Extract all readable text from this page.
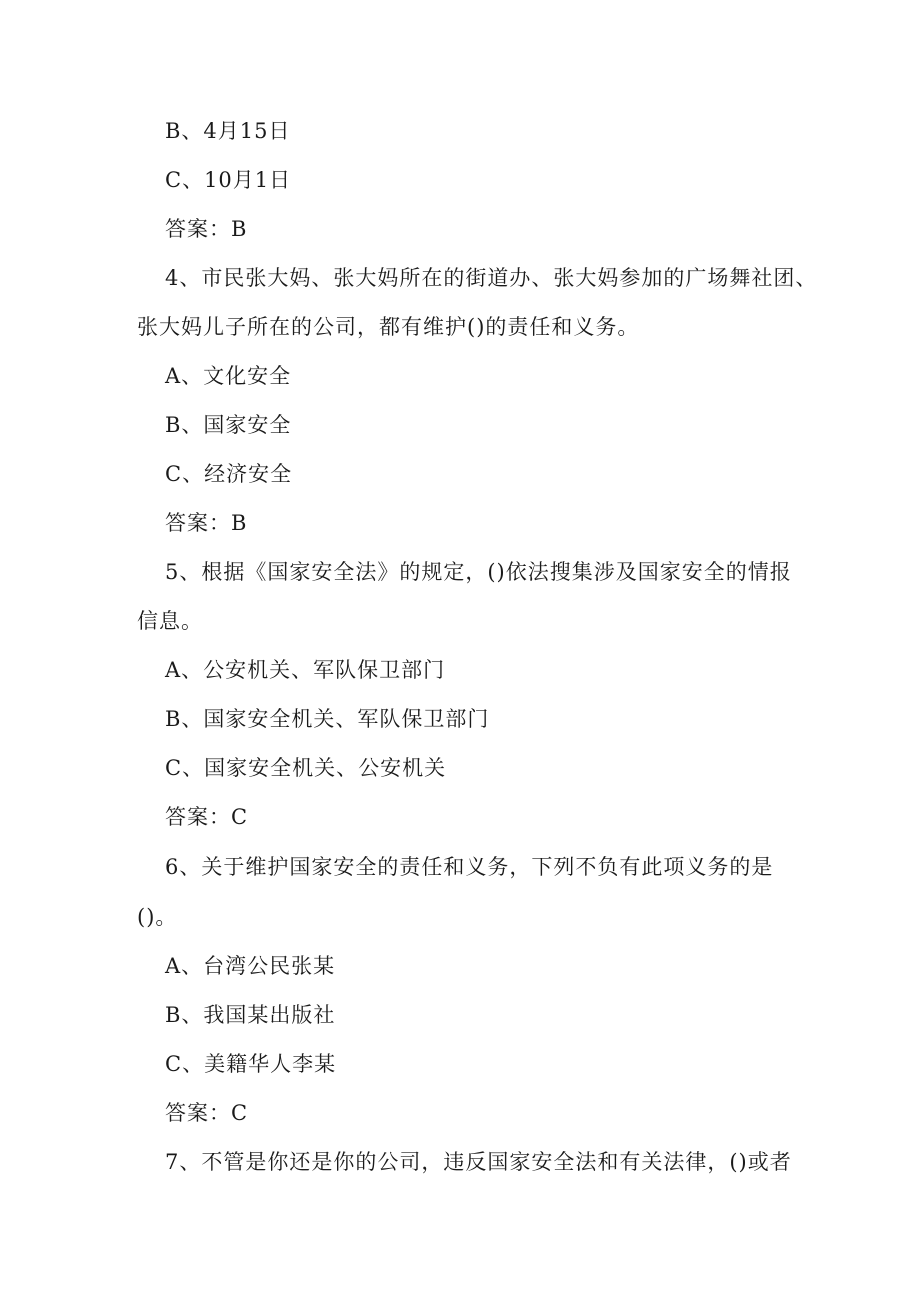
B、4月15日
C、10月1日
答案：B
4、市民张大妈、张大妈所在的街道办、张大妈参加的广场舞社团、
张大妈儿子所在的公司，都有维护()的责任和义务。
A、文化安全
B、国家安全
C、经济安全
答案：B
5、根据《国家安全法》的规定，()依法搜集涉及国家安全的情报
信息。
A、公安机关、军队保卫部门
B、国家安全机关、军队保卫部门
C、国家安全机关、公安机关
答案：C
6、关于维护国家安全的责任和义务，下列不负有此项义务的是
()。
A、台湾公民张某
B、我国某出版社
C、美籍华人李某
答案：C
7、不管是你还是你的公司，违反国家安全法和有关法律，()或者
